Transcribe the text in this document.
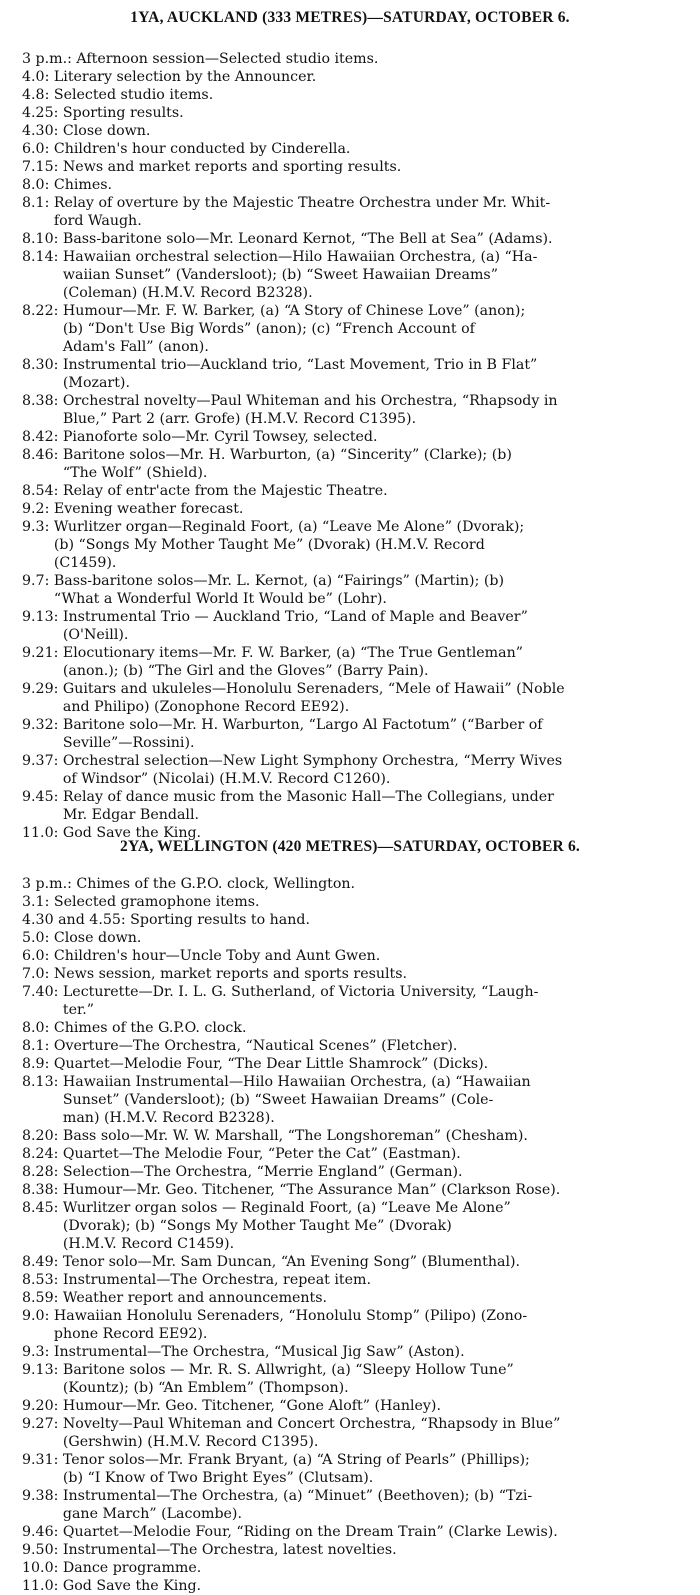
1YA, AUCKLAND (333 METRES)—SATURDAY, OCTOBER 6.
3 p.m.: Afternoon session—Selected studio items.
4.0: Literary selection by the Announcer.
4.8: Selected studio items.
4.25: Sporting results.
4.30: Close down.
6.0: Children's hour conducted by Cinderella.
7.15: News and market reports and sporting results.
8.0: Chimes.
8.1: Relay of overture by the Majestic Theatre Orchestra under Mr. Whit-
ford Waugh.
8.10: Bass-baritone solo—Mr. Leonard Kernot, “The Bell at Sea” (Adams).
8.14: Hawaiian orchestral selection—Hilo Hawaiian Orchestra, (a) “Ha-
waiian Sunset” (Vandersloot); (b) “Sweet Hawaiian Dreams”
(Coleman) (H.M.V. Record B2328).
8.22: Humour—Mr. F. W. Barker, (a) “A Story of Chinese Love” (anon);
(b) “Don't Use Big Words” (anon); (c) “French Account of
Adam's Fall” (anon).
8.30: Instrumental trio—Auckland trio, “Last Movement, Trio in B Flat”
(Mozart).
8.38: Orchestral novelty—Paul Whiteman and his Orchestra, “Rhapsody in
Blue,” Part 2 (arr. Grofe) (H.M.V. Record C1395).
8.42: Pianoforte solo—Mr. Cyril Towsey, selected.
8.46: Baritone solos—Mr. H. Warburton, (a) “Sincerity” (Clarke); (b)
“The Wolf” (Shield).
8.54: Relay of entr'acte from the Majestic Theatre.
9.2: Evening weather forecast.
9.3: Wurlitzer organ—Reginald Foort, (a) “Leave Me Alone” (Dvorak);
(b) “Songs My Mother Taught Me” (Dvorak) (H.M.V. Record
(C1459).
9.7: Bass-baritone solos—Mr. L. Kernot, (a) “Fairings” (Martin); (b)
“What a Wonderful World It Would be” (Lohr).
9.13: Instrumental Trio — Auckland Trio, “Land of Maple and Beaver”
(O'Neill).
9.21: Elocutionary items—Mr. F. W. Barker, (a) “The True Gentleman”
(anon.); (b) “The Girl and the Gloves” (Barry Pain).
9.29: Guitars and ukuleles—Honolulu Serenaders, “Mele of Hawaii” (Noble
and Philipo) (Zonophone Record EE92).
9.32: Baritone solo—Mr. H. Warburton, “Largo Al Factotum” (“Barber of
Seville”—Rossini).
9.37: Orchestral selection—New Light Symphony Orchestra, “Merry Wives
of Windsor” (Nicolai) (H.M.V. Record C1260).
9.45: Relay of dance music from the Masonic Hall—The Collegians, under
Mr. Edgar Bendall.
11.0: God Save the King.
2YA, WELLINGTON (420 METRES)—SATURDAY, OCTOBER 6.
3 p.m.: Chimes of the G.P.O. clock, Wellington.
3.1: Selected gramophone items.
4.30 and 4.55: Sporting results to hand.
5.0: Close down.
6.0: Children's hour—Uncle Toby and Aunt Gwen.
7.0: News session, market reports and sports results.
7.40: Lecturette—Dr. I. L. G. Sutherland, of Victoria University, “Laugh-
ter.”
8.0: Chimes of the G.P.O. clock.
8.1: Overture—The Orchestra, “Nautical Scenes” (Fletcher).
8.9: Quartet—Melodie Four, “The Dear Little Shamrock” (Dicks).
8.13: Hawaiian Instrumental—Hilo Hawaiian Orchestra, (a) “Hawaiian
Sunset” (Vandersloot); (b) “Sweet Hawaiian Dreams” (Cole-
man) (H.M.V. Record B2328).
8.20: Bass solo—Mr. W. W. Marshall, “The Longshoreman” (Chesham).
8.24: Quartet—The Melodie Four, “Peter the Cat” (Eastman).
8.28: Selection—The Orchestra, “Merrie England” (German).
8.38: Humour—Mr. Geo. Titchener, “The Assurance Man” (Clarkson Rose).
8.45: Wurlitzer organ solos — Reginald Foort, (a) “Leave Me Alone”
(Dvorak); (b) “Songs My Mother Taught Me” (Dvorak)
(H.M.V. Record C1459).
8.49: Tenor solo—Mr. Sam Duncan, “An Evening Song” (Blumenthal).
8.53: Instrumental—The Orchestra, repeat item.
8.59: Weather report and announcements.
9.0: Hawaiian Honolulu Serenaders, “Honolulu Stomp” (Pilipo) (Zono-
phone Record EE92).
9.3: Instrumental—The Orchestra, “Musical Jig Saw” (Aston).
9.13: Baritone solos — Mr. R. S. Allwright, (a) “Sleepy Hollow Tune”
(Kountz); (b) “An Emblem” (Thompson).
9.20: Humour—Mr. Geo. Titchener, “Gone Aloft” (Hanley).
9.27: Novelty—Paul Whiteman and Concert Orchestra, “Rhapsody in Blue”
(Gershwin) (H.M.V. Record C1395).
9.31: Tenor solos—Mr. Frank Bryant, (a) “A String of Pearls” (Phillips);
(b) “I Know of Two Bright Eyes” (Clutsam).
9.38: Instrumental—The Orchestra, (a) “Minuet” (Beethoven); (b) “Tzi-
gane March” (Lacombe).
9.46: Quartet—Melodie Four, “Riding on the Dream Train” (Clarke Lewis).
9.50: Instrumental—The Orchestra, latest novelties.
10.0: Dance programme.
11.0: God Save the King.
